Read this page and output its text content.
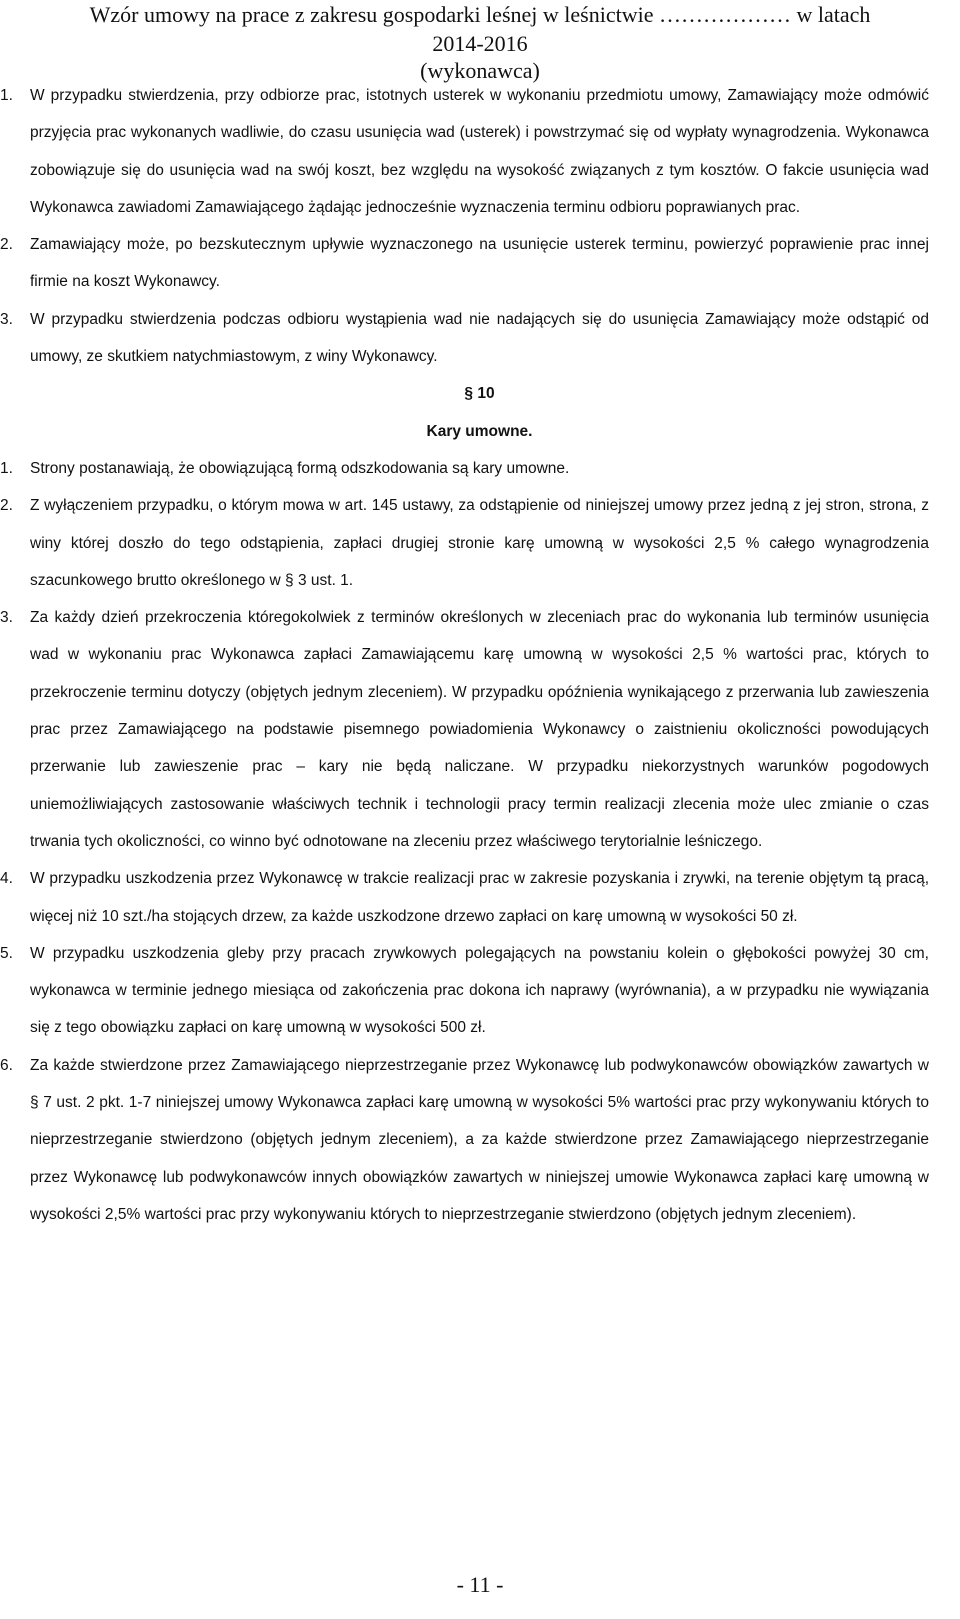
Wzór umowy na prace z zakresu gospodarki leśnej w leśnictwie ……………… w latach
2014-2016
(wykonawca)
1.	W przypadku stwierdzenia, przy odbiorze prac, istotnych usterek w wykonaniu przedmiotu umowy, Zamawiający może odmówić przyjęcia prac wykonanych wadliwie, do czasu usunięcia wad (usterek) i powstrzymać się od wypłaty wynagrodzenia. Wykonawca zobowiązuje się do usunięcia wad na swój koszt, bez względu na wysokość związanych z tym kosztów. O fakcie usunięcia wad Wykonawca zawiadomi Zamawiającego żądając jednocześnie wyznaczenia terminu odbioru poprawianych prac.
2.	Zamawiający może, po bezskutecznym upływie wyznaczonego na usunięcie usterek terminu, powierzyć poprawienie prac innej firmie na koszt Wykonawcy.
3.	W przypadku stwierdzenia podczas odbioru wystąpienia wad nie nadających się do usunięcia Zamawiający może odstąpić od umowy, ze skutkiem natychmiastowym, z winy Wykonawcy.
§ 10
Kary umowne.
1.	Strony postanawiają, że obowiązującą formą odszkodowania są kary umowne.
2.	Z wyłączeniem przypadku, o którym mowa w art. 145 ustawy, za odstąpienie od niniejszej umowy przez jedną z jej stron, strona, z winy której doszło do tego odstąpienia, zapłaci drugiej stronie karę umowną w wysokości 2,5 % całego wynagrodzenia szacunkowego brutto określonego w § 3 ust. 1.
3.	Za każdy dzień przekroczenia któregokolwiek z terminów określonych w zleceniach prac do wykonania lub terminów usunięcia wad w wykonaniu prac Wykonawca zapłaci Zamawiającemu karę umowną w wysokości 2,5 % wartości prac, których to przekroczenie terminu dotyczy (objętych jednym zleceniem). W przypadku opóźnienia wynikającego z przerwania lub zawieszenia prac przez Zamawiającego na podstawie pisemnego powiadomienia Wykonawcy o zaistnieniu okoliczności powodujących przerwanie lub zawieszenie prac – kary nie będą naliczane. W przypadku niekorzystnych warunków pogodowych uniemożliwiających zastosowanie właściwych technik i technologii pracy termin realizacji zlecenia może ulec zmianie o czas trwania tych okoliczności, co winno być odnotowane na zleceniu przez właściwego terytorialnie leśniczego.
4.	W przypadku uszkodzenia przez Wykonawcę w trakcie realizacji prac w zakresie pozyskania i zrywki, na terenie objętym tą pracą, więcej niż 10 szt./ha stojących drzew, za każde uszkodzone drzewo zapłaci on karę umowną w wysokości 50 zł.
5.	W przypadku uszkodzenia gleby przy pracach zrywkowych polegających na powstaniu kolein o głębokości powyżej 30 cm, wykonawca w terminie jednego miesiąca od zakończenia prac dokona ich naprawy (wyrównania), a w przypadku nie wywiązania się z tego obowiązku zapłaci on karę umowną w wysokości 500 zł.
6.	Za każde stwierdzone przez Zamawiającego nieprzestrzeganie przez Wykonawcę lub podwykonawców obowiązków zawartych w § 7 ust. 2 pkt. 1-7 niniejszej umowy Wykonawca zapłaci karę umowną w wysokości 5% wartości prac przy wykonywaniu których to nieprzestrzeganie stwierdzono (objętych jednym zleceniem), a za każde stwierdzone przez Zamawiającego nieprzestrzeganie przez Wykonawcę lub podwykonawców innych obowiązków zawartych w niniejszej umowie Wykonawca zapłaci karę umowną w wysokości 2,5% wartości prac przy wykonywaniu których to nieprzestrzeganie stwierdzono (objętych jednym zleceniem).
- 11 -
